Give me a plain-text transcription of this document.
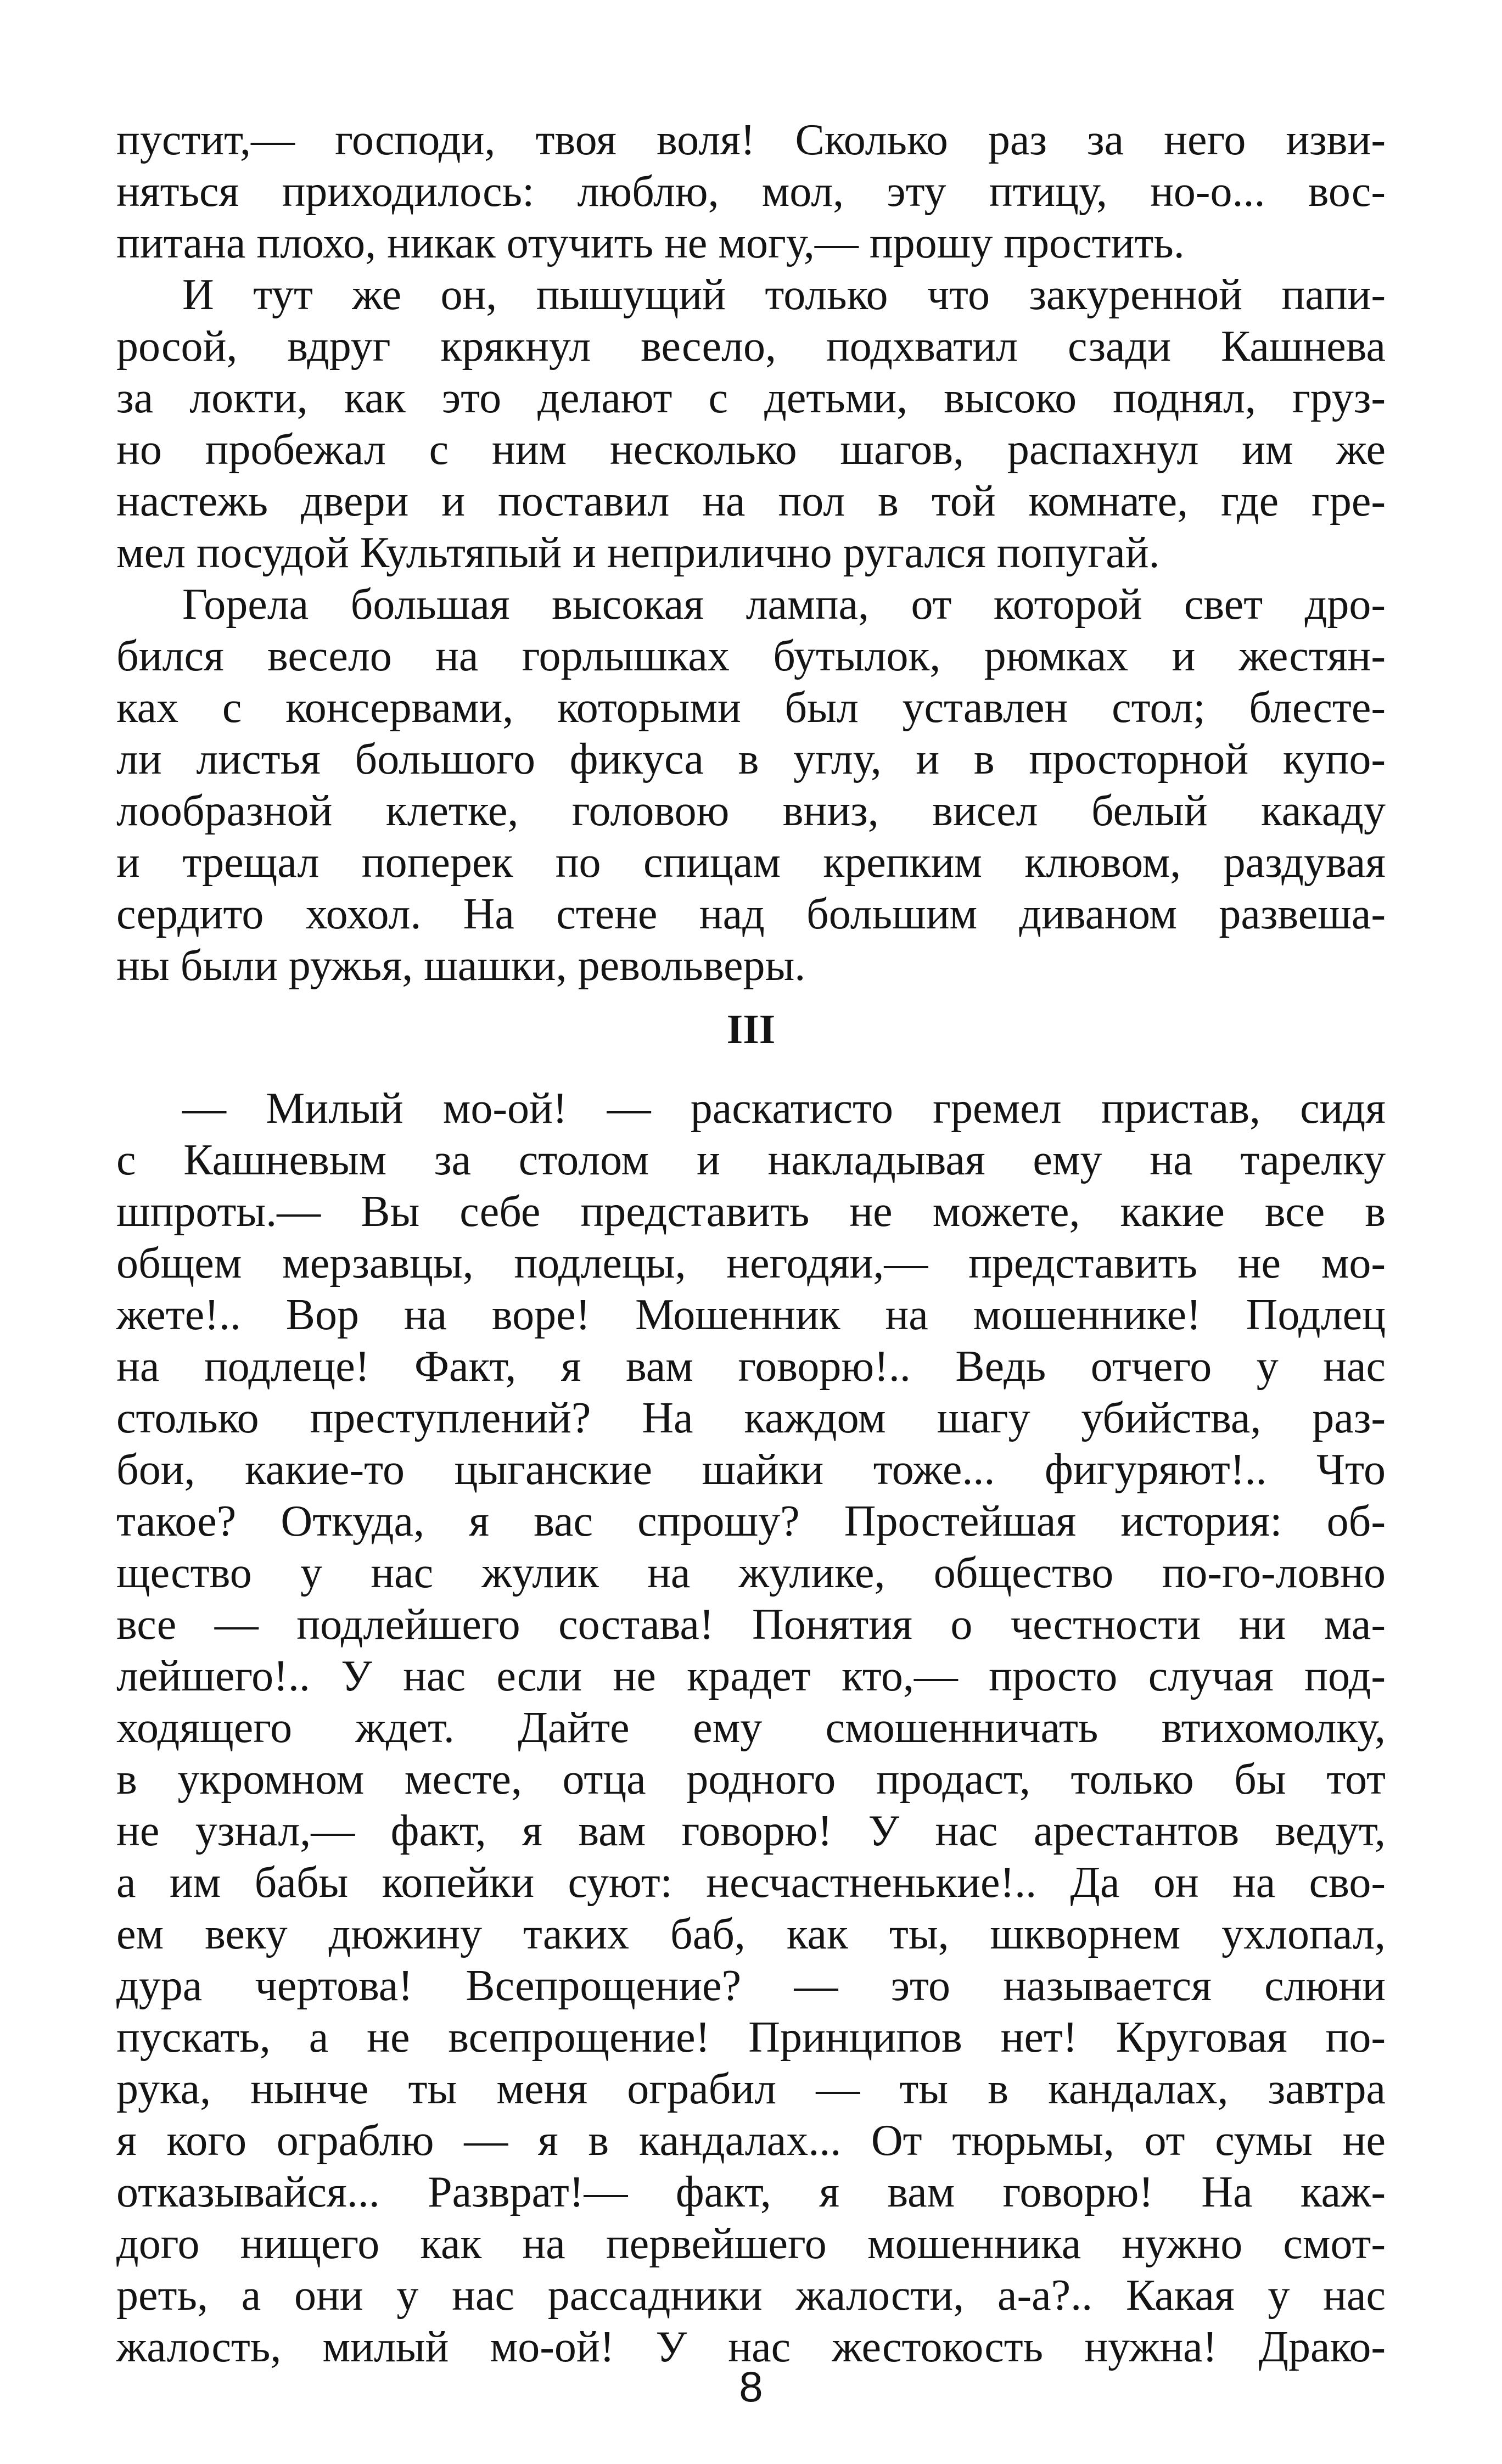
пустит,— господи, твоя воля! Сколько раз за него изви-
няться приходилось: люблю, мол, эту птицу, но-о... вос-
питана плохо, никак отучить не могу,— прошу простить.
И тут же он, пышущий только что закуренной папи-
росой, вдруг крякнул весело, подхватил сзади Кашнева
за локти, как это делают с детьми, высоко поднял, груз-
но пробежал с ним несколько шагов, распахнул им же
настежь двери и поставил на пол в той комнате, где гре-
мел посудой Культяпый и неприлично ругался попугай.
Горела большая высокая лампа, от которой свет дро-
бился весело на горлышках бутылок, рюмках и жестян-
ках с консервами, которыми был уставлен стол; блесте-
ли листья большого фикуса в углу, и в просторной купо-
лообразной клетке, головою вниз, висел белый какаду
и трещал поперек по спицам крепким клювом, раздувая
сердито хохол. На стене над большим диваном развеша-
ны были ружья, шашки, револьверы.
III
— Милый мо-ой! — раскатисто гремел пристав, сидя
с Кашневым за столом и накладывая ему на тарелку
шпроты.— Вы себе представить не можете, какие все в
общем мерзавцы, подлецы, негодяи,— представить не мо-
жете!.. Вор на воре! Мошенник на мошеннике! Подлец
на подлеце! Факт, я вам говорю!.. Ведь отчего у нас
столько преступлений? На каждом шагу убийства, раз-
бои, какие-то цыганские шайки тоже... фигуряют!.. Что
такое? Откуда, я вас спрошу? Простейшая история: об-
щество у нас жулик на жулике, общество по-го-ловно
все — подлейшего состава! Понятия о честности ни ма-
лейшего!.. У нас если не крадет кто,— просто случая под-
ходящего ждет. Дайте ему смошенничать втихомолку,
в укромном месте, отца родного продаст, только бы тот
не узнал,— факт, я вам говорю! У нас арестантов ведут,
а им бабы копейки суют: несчастненькие!.. Да он на сво-
ем веку дюжину таких баб, как ты, шкворнем ухлопал,
дура чертова! Всепрощение? — это называется слюни
пускать, а не всепрощение! Принципов нет! Круговая по-
рука, нынче ты меня ограбил — ты в кандалах, завтра
я кого ограблю — я в кандалах... От тюрьмы, от сумы не
отказывайся... Разврат!— факт, я вам говорю! На каж-
дого нищего как на первейшего мошенника нужно смот-
реть, а они у нас рассадники жалости, а-а?.. Какая у нас
жалость, милый мо-ой! У нас жестокость нужна! Драко-
8
